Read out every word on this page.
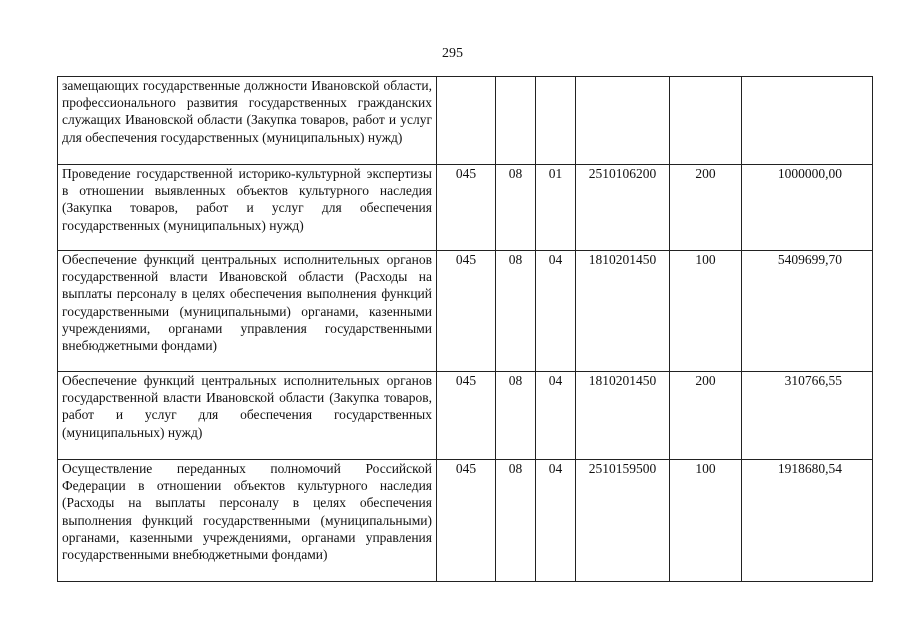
295
замещающих государственные должности Ивановской области, профессионального развития государственных гражданских служащих Ивановской области (Закупка товаров, работ и услуг для обеспечения государственных (муниципальных) нужд)						
Проведение государственной историко-культурной экспертизы в отношении выявленных объектов культурного наследия (Закупка товаров, работ и услуг для обеспечения государственных (муниципальных) нужд)	045	08	01	2510106200	200	1000000,00
Обеспечение функций центральных исполнительных органов государственной власти Ивановской области (Расходы на выплаты персоналу в целях обеспечения выполнения функций государственными (муниципальными) органами, казенными учреждениями, органами управления государственными внебюджетными фондами)	045	08	04	1810201450	100	5409699,70
Обеспечение функций центральных исполнительных органов государственной власти Ивановской области (Закупка товаров, работ и услуг для обеспечения государственных (муниципальных) нужд)	045	08	04	1810201450	200	310766,55
Осуществление переданных полномочий Российской Федерации в отношении объектов культурного наследия (Расходы на выплаты персоналу в целях обеспечения выполнения функций государственными (муниципальными) органами, казенными учреждениями, органами управления государственными внебюджетными фондами)	045	08	04	2510159500	100	1918680,54
